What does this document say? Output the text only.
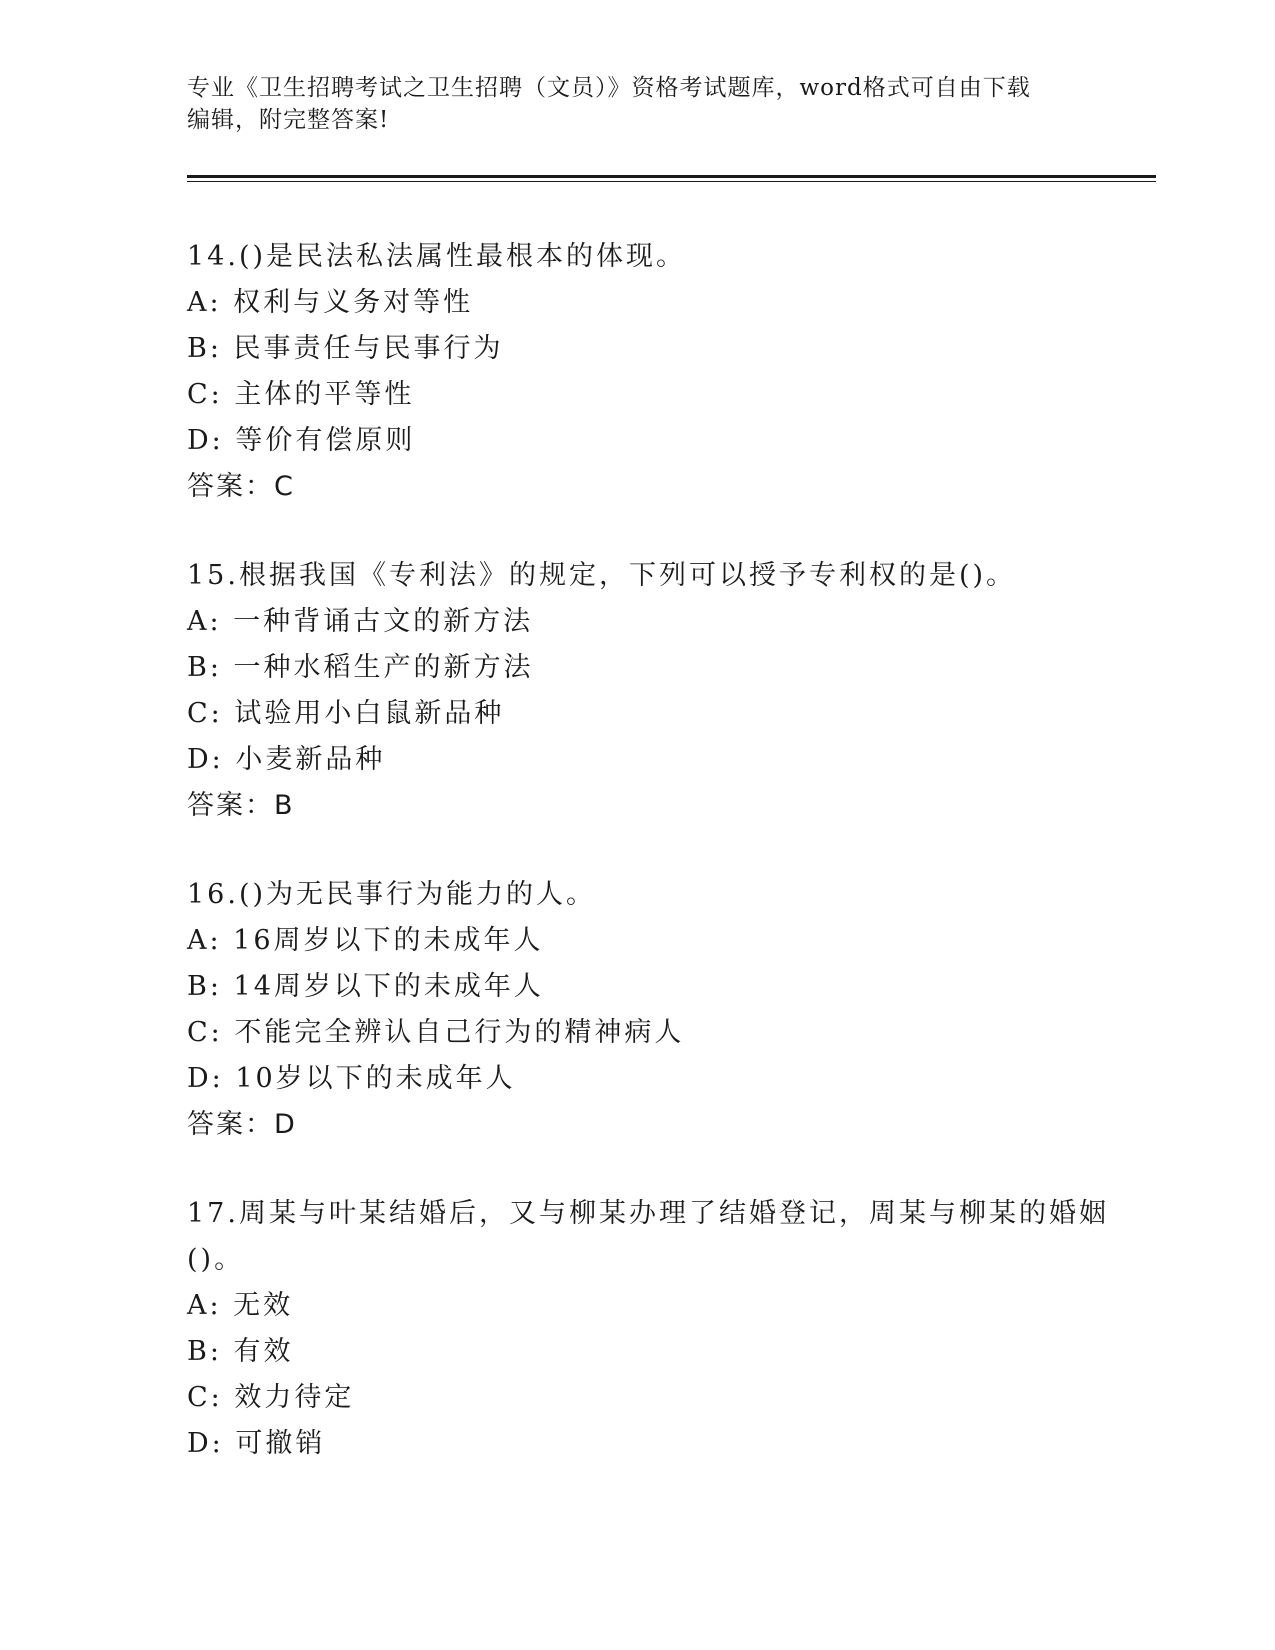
专业《卫生招聘考试之卫生招聘（文员）》资格考试题库，word格式可自由下载
编辑，附完整答案!
14.()是民法私法属性最根本的体现。
A: 权利与义务对等性
B: 民事责任与民事行为
C: 主体的平等性
D: 等价有偿原则
答案：C
15.根据我国《专利法》的规定，下列可以授予专利权的是()。
A: 一种背诵古文的新方法
B: 一种水稻生产的新方法
C: 试验用小白鼠新品种
D: 小麦新品种
答案：B
16.()为无民事行为能力的人。
A: 16周岁以下的未成年人
B: 14周岁以下的未成年人
C: 不能完全辨认自己行为的精神病人
D: 10岁以下的未成年人
答案：D
17.周某与叶某结婚后，又与柳某办理了结婚登记，周某与柳某的婚姻
()。
A: 无效
B: 有效
C: 效力待定
D: 可撤销
